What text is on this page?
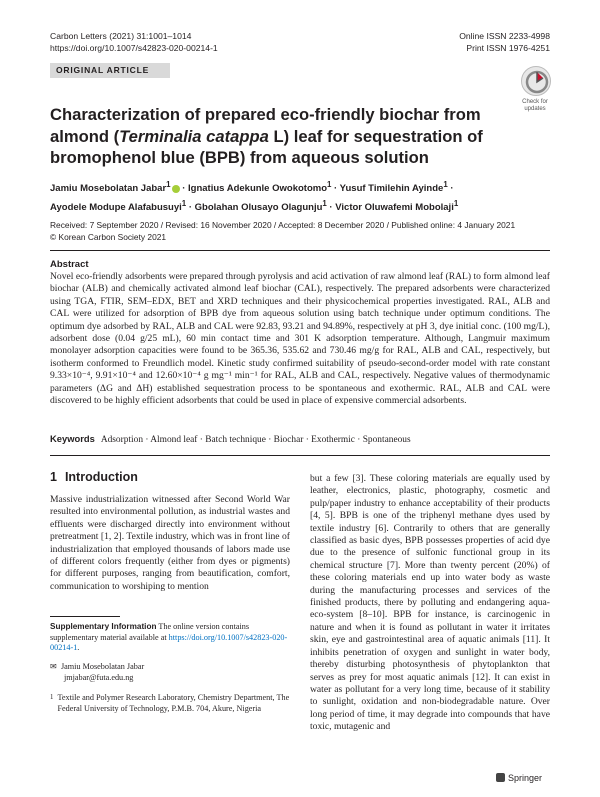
Carbon Letters (2021) 31:1001–1014
https://doi.org/10.1007/s42823-020-00214-1
Online ISSN 2233-4998
Print ISSN 1976-4251
ORIGINAL ARTICLE
Check for updates
Characterization of prepared eco-friendly biochar from almond (Terminalia catappa L) leaf for sequestration of bromophenol blue (BPB) from aqueous solution
Jamiu Mosebolatan Jabar$^1$ · Ignatius Adekunle Owokotomo$^1$ · Yusuf Timilehin Ayinde$^1$ ·
Ayodele Modupe Alafabusuyi$^1$ · Gbolahan Olusayo Olagunju$^1$ · Victor Oluwafemi Mobolaji$^1$
Received: 7 September 2020 / Revised: 16 November 2020 / Accepted: 8 December 2020 / Published online: 4 January 2021
© Korean Carbon Society 2021
Abstract
Novel eco-friendly adsorbents were prepared through pyrolysis and acid activation of raw almond leaf (RAL) to form almond leaf biochar (ALB) and chemically activated almond leaf biochar (CAL), respectively. The prepared adsorbents were characterized using TGA, FTIR, SEM–EDX, BET and XRD techniques and their physicochemical properties investigated. RAL, ALB and CAL were utilized for adsorption of BPB dye from aqueous solution using batch technique under optimum conditions. The optimum dye adsorbed by RAL, ALB and CAL were 92.83, 93.21 and 94.89%, respectively at pH 3, dye initial conc. (100 mg/L), adsorbent dose (0.04 g/25 mL), 60 min contact time and 301 K adsorption temperature. Although, Langmuir maximum monolayer adsorption capacities were found to be 365.36, 535.62 and 730.46 mg/g for RAL, ALB and CAL, respectively, but isotherm conformed to Freundlich model. Kinetic study confirmed suitability of pseudo-second-order model with rate constant 9.33×10⁻⁴, 9.91×10⁻⁴ and 12.60×10⁻⁴ g mg⁻¹ min⁻¹ for RAL, ALB and CAL, respectively. Negative values of thermodynamic parameters (ΔG and ΔH) established sequestration process to be spontaneous and exothermic. RAL, ALB and CAL were discovered to be highly efficient adsorbents that could be used in place of expensive commercial adsorbents.
Keywords Adsorption · Almond leaf · Batch technique · Biochar · Exothermic · Spontaneous
1 Introduction

Massive industrialization witnessed after Second World War resulted into environmental pollution, as industrial wastes and effluents were discharged directly into environment without pretreatment [1, 2]. Textile industry, which was in front line of industrialization that employed thousands of labors made use of different colors frequently (either from dyes or pigments) for different purposes, ranging from beautification, comfort, communication to worshiping to mention

Supplementary Information The online version contains supplementary material available at https://doi.org/10.1007/s42823-020-00214-1.
✉ Jamiu Mosebolatan Jabar
jmjabar@futa.edu.ng
1 Textile and Polymer Research Laboratory, Chemistry Department, The Federal University of Technology, P.M.B. 704, Akure, Nigeria

but a few [3]. These coloring materials are equally used by leather, electronics, plastic, photography, cosmetic and pulp/paper industry to enhance acceptability of their products [4, 5]. BPB is one of the triphenyl methane dyes used by textile industry [6]. Contrarily to others that are generally classified as basic dyes, BPB possesses properties of acid dye due to the presence of sulfonic functional group in its chemical structure [7]. More than twenty percent (20%) of these coloring materials end up into water body as waste during the manufacturing processes and services of the finished products, there by polluting and endangering aqua-eco-system [8–10]. BPB for instance, is carcinogenic in nature and when it is found as pollutant in water it irritates skin, eye and gastrointestinal area of aquatic animals [11]. It inhibits penetration of oxygen and sunlight in water body, thereby disturbing photosynthesis of phytoplankton that serves as prey for most aquatic animals [12]. It can exist in water as pollutant for a very long time, because of it stability to sunlight, oxidation and non-biodegradable nature. Over long period of time, it may degrade into compounds that have toxic, mutagenic and

Springer
